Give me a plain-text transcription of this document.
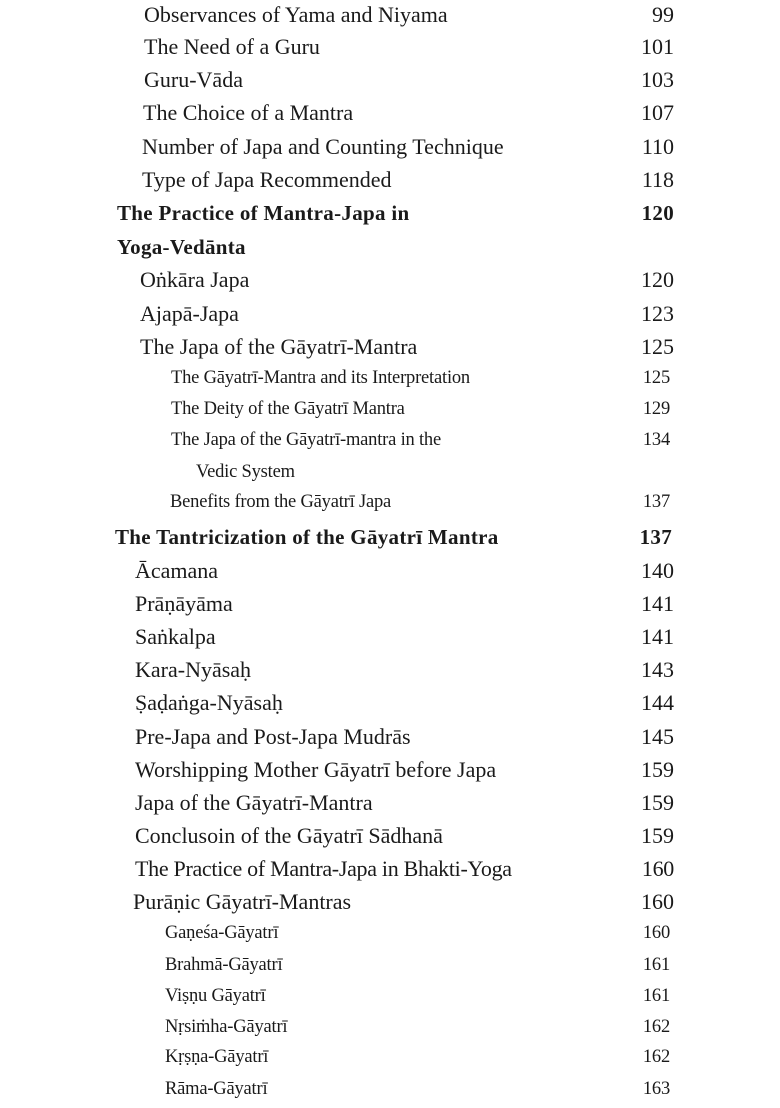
Observances of Yama and Niyama	99
The Need of a Guru	101
Guru-Vāda	103
The Choice of a Mantra	107
Number of Japa and Counting Technique	110
Type of Japa Recommended	118
The Practice of Mantra-Japa in	120
Yoga-Vedānta
Oṅkāra Japa	120
Ajapā-Japa	123
The Japa of the Gāyatrī-Mantra	125
The Gāyatrī-Mantra and its Interpretation	125
The Deity of the Gāyatrī Mantra	129
The Japa of the Gāyatrī-mantra in the	134
Vedic System
Benefits from the Gāyatrī Japa	137
The Tantricization of the Gāyatrī Mantra	137
Ācamana	140
Prāṇāyāma	141
Saṅkalpa	141
Kara-Nyāsaḥ	143
Ṣaḍaṅga-Nyāsaḥ	144
Pre-Japa and Post-Japa Mudrās	145
Worshipping Mother Gāyatrī before Japa	159
Japa of the Gāyatrī-Mantra	159
Conclusoin of the Gāyatrī Sādhanā	159
The Practice of Mantra-Japa in Bhakti-Yoga	160
Purāṇic Gāyatrī-Mantras	160
Gaṇeśa-Gāyatrī	160
Brahmā-Gāyatrī	161
Viṣṇu Gāyatrī	161
Nṛsiṁha-Gāyatrī	162
Kṛṣṇa-Gāyatrī	162
Rāma-Gāyatrī	163
